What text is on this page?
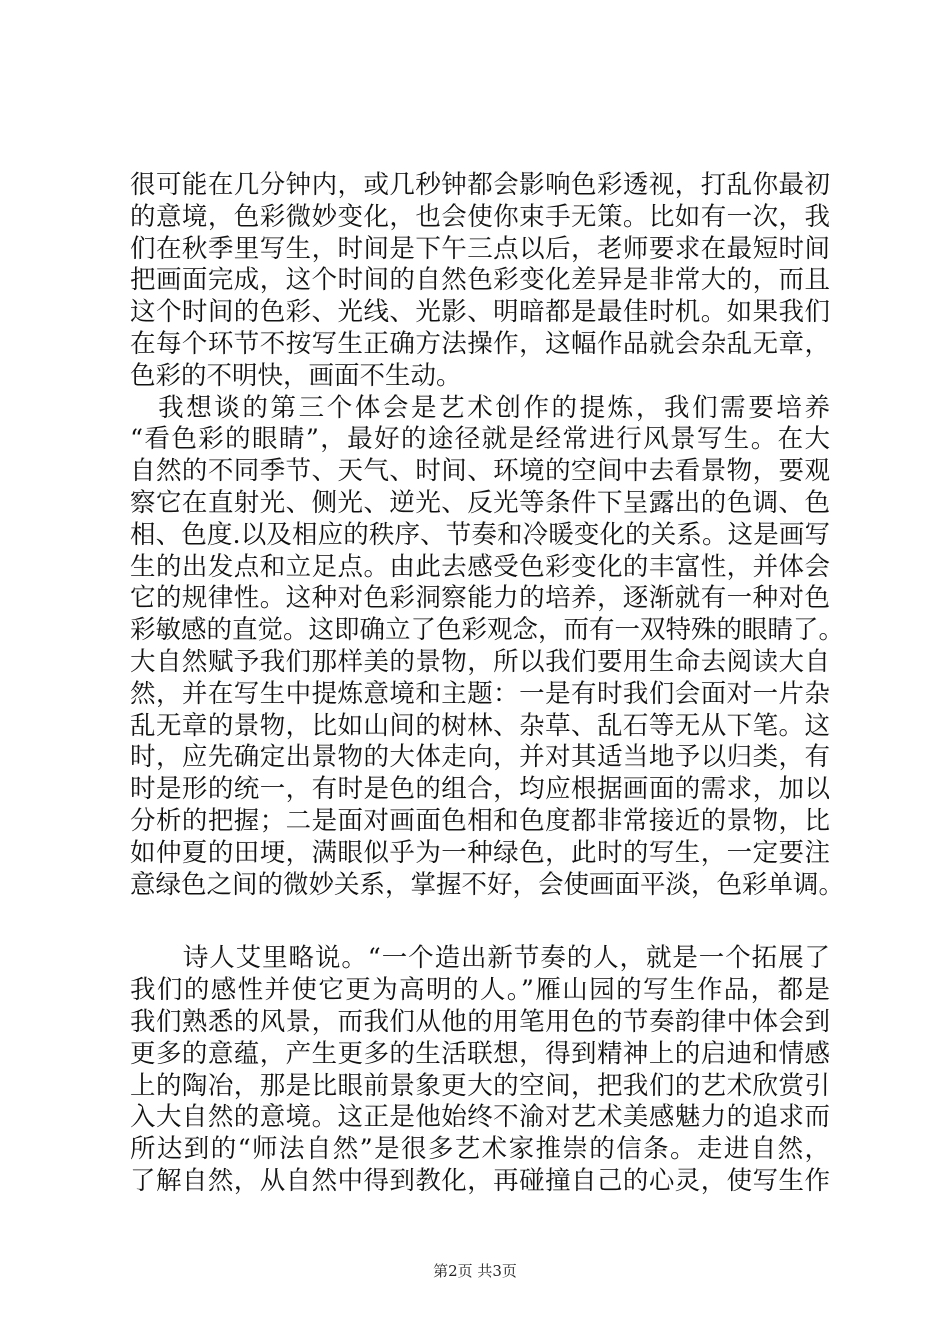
很可能在几分钟内，或几秒钟都会影响色彩透视，打乱你最初
的意境，色彩微妙变化，也会使你束手无策。比如有一次，我
们在秋季里写生，时间是下午三点以后，老师要求在最短时间
把画面完成，这个时间的自然色彩变化差异是非常大的，而且
这个时间的色彩、光线、光影、明暗都是最佳时机。如果我们
在每个环节不按写生正确方法操作，这幅作品就会杂乱无章，
色彩的不明快，画面不生动。
　我想谈的第三个体会是艺术创作的提炼，我们需要培养
“看色彩的眼睛”，最好的途径就是经常进行风景写生。在大
自然的不同季节、天气、时间、环境的空间中去看景物，要观
察它在直射光、侧光、逆光、反光等条件下呈露出的色调、色
相、色度.以及相应的秩序、节奏和冷暖变化的关系。这是画写
生的出发点和立足点。由此去感受色彩变化的丰富性，并体会
它的规律性。这种对色彩洞察能力的培养，逐渐就有一种对色
彩敏感的直觉。这即确立了色彩观念，而有一双特殊的眼睛了。
大自然赋予我们那样美的景物，所以我们要用生命去阅读大自
然，并在写生中提炼意境和主题：一是有时我们会面对一片杂
乱无章的景物，比如山间的树林、杂草、乱石等无从下笔。这
时，应先确定出景物的大体走向，并对其适当地予以归类，有
时是形的统一，有时是色的组合，均应根据画面的需求，加以
分析的把握；二是面对画面色相和色度都非常接近的景物，比
如仲夏的田埂，满眼似乎为一种绿色，此时的写生，一定要注
意绿色之间的微妙关系，掌握不好，会使画面平淡，色彩单调。
　　诗人艾里略说。“一个造出新节奏的人，就是一个拓展了
我们的感性并使它更为高明的人。”雁山园的写生作品，都是
我们熟悉的风景，而我们从他的用笔用色的节奏韵律中体会到
更多的意蕴，产生更多的生活联想，得到精神上的启迪和情感
上的陶冶，那是比眼前景象更大的空间，把我们的艺术欣赏引
入大自然的意境。这正是他始终不渝对艺术美感魅力的追求而
所达到的“师法自然”是很多艺术家推崇的信条。走进自然，
了解自然，从自然中得到教化，再碰撞自己的心灵，使写生作
第2页 共3页
